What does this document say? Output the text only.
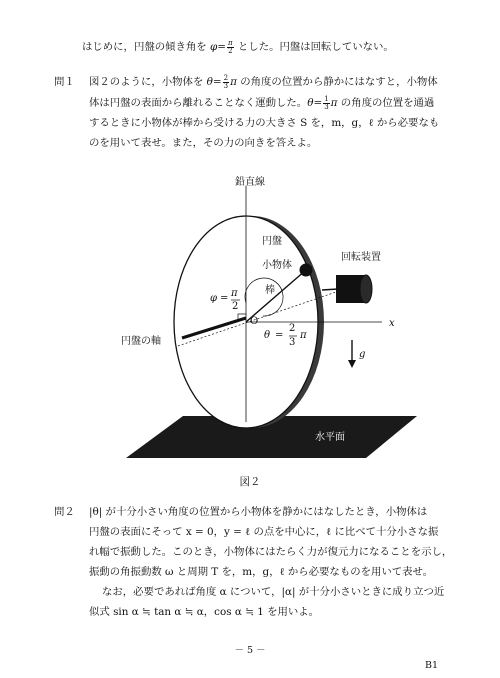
はじめに，円盤の傾き角を $\varphi= \frac{\pi}{2}$ とした。円盤は回転していない。
問１ 図２のように，小物体を $\theta= \frac{2}{3}$ π の角度の位置から静かにはなすと，小物体
体は円盤の表面から離れることなく運動した。$\theta= \frac{1}{3}$ π の角度の位置を通過
するときに小物体が棒から受ける力の大きさ S を，m，g，ℓ から必要なも
のを用いて表せ。また，その力の向きを答えよ。
鉛直線
円盤
小物体
棒
回転装置
φ = π
2
x
O
円盤の軸
θ =
2
3
π
g
水平面
図２
問２ |θ| が十分小さい角度の位置から小物体を静かにはなしたとき，小物体は
円盤の表面にそって x = 0，y = ℓ の点を中心に，ℓ に比べて十分小さな振
れ幅で振動した。このとき，小物体にはたらく力が復元力になることを示し，
振動の角振動数 ω と周期 T を，m，g，ℓ から必要なものを用いて表せ。
なお，必要であれば角度 α について，|α| が十分小さいときに成り立つ近
似式 sin α ≒ tan α ≒ α，cos α ≒ 1 を用いよ。
－ 5 －
B1
